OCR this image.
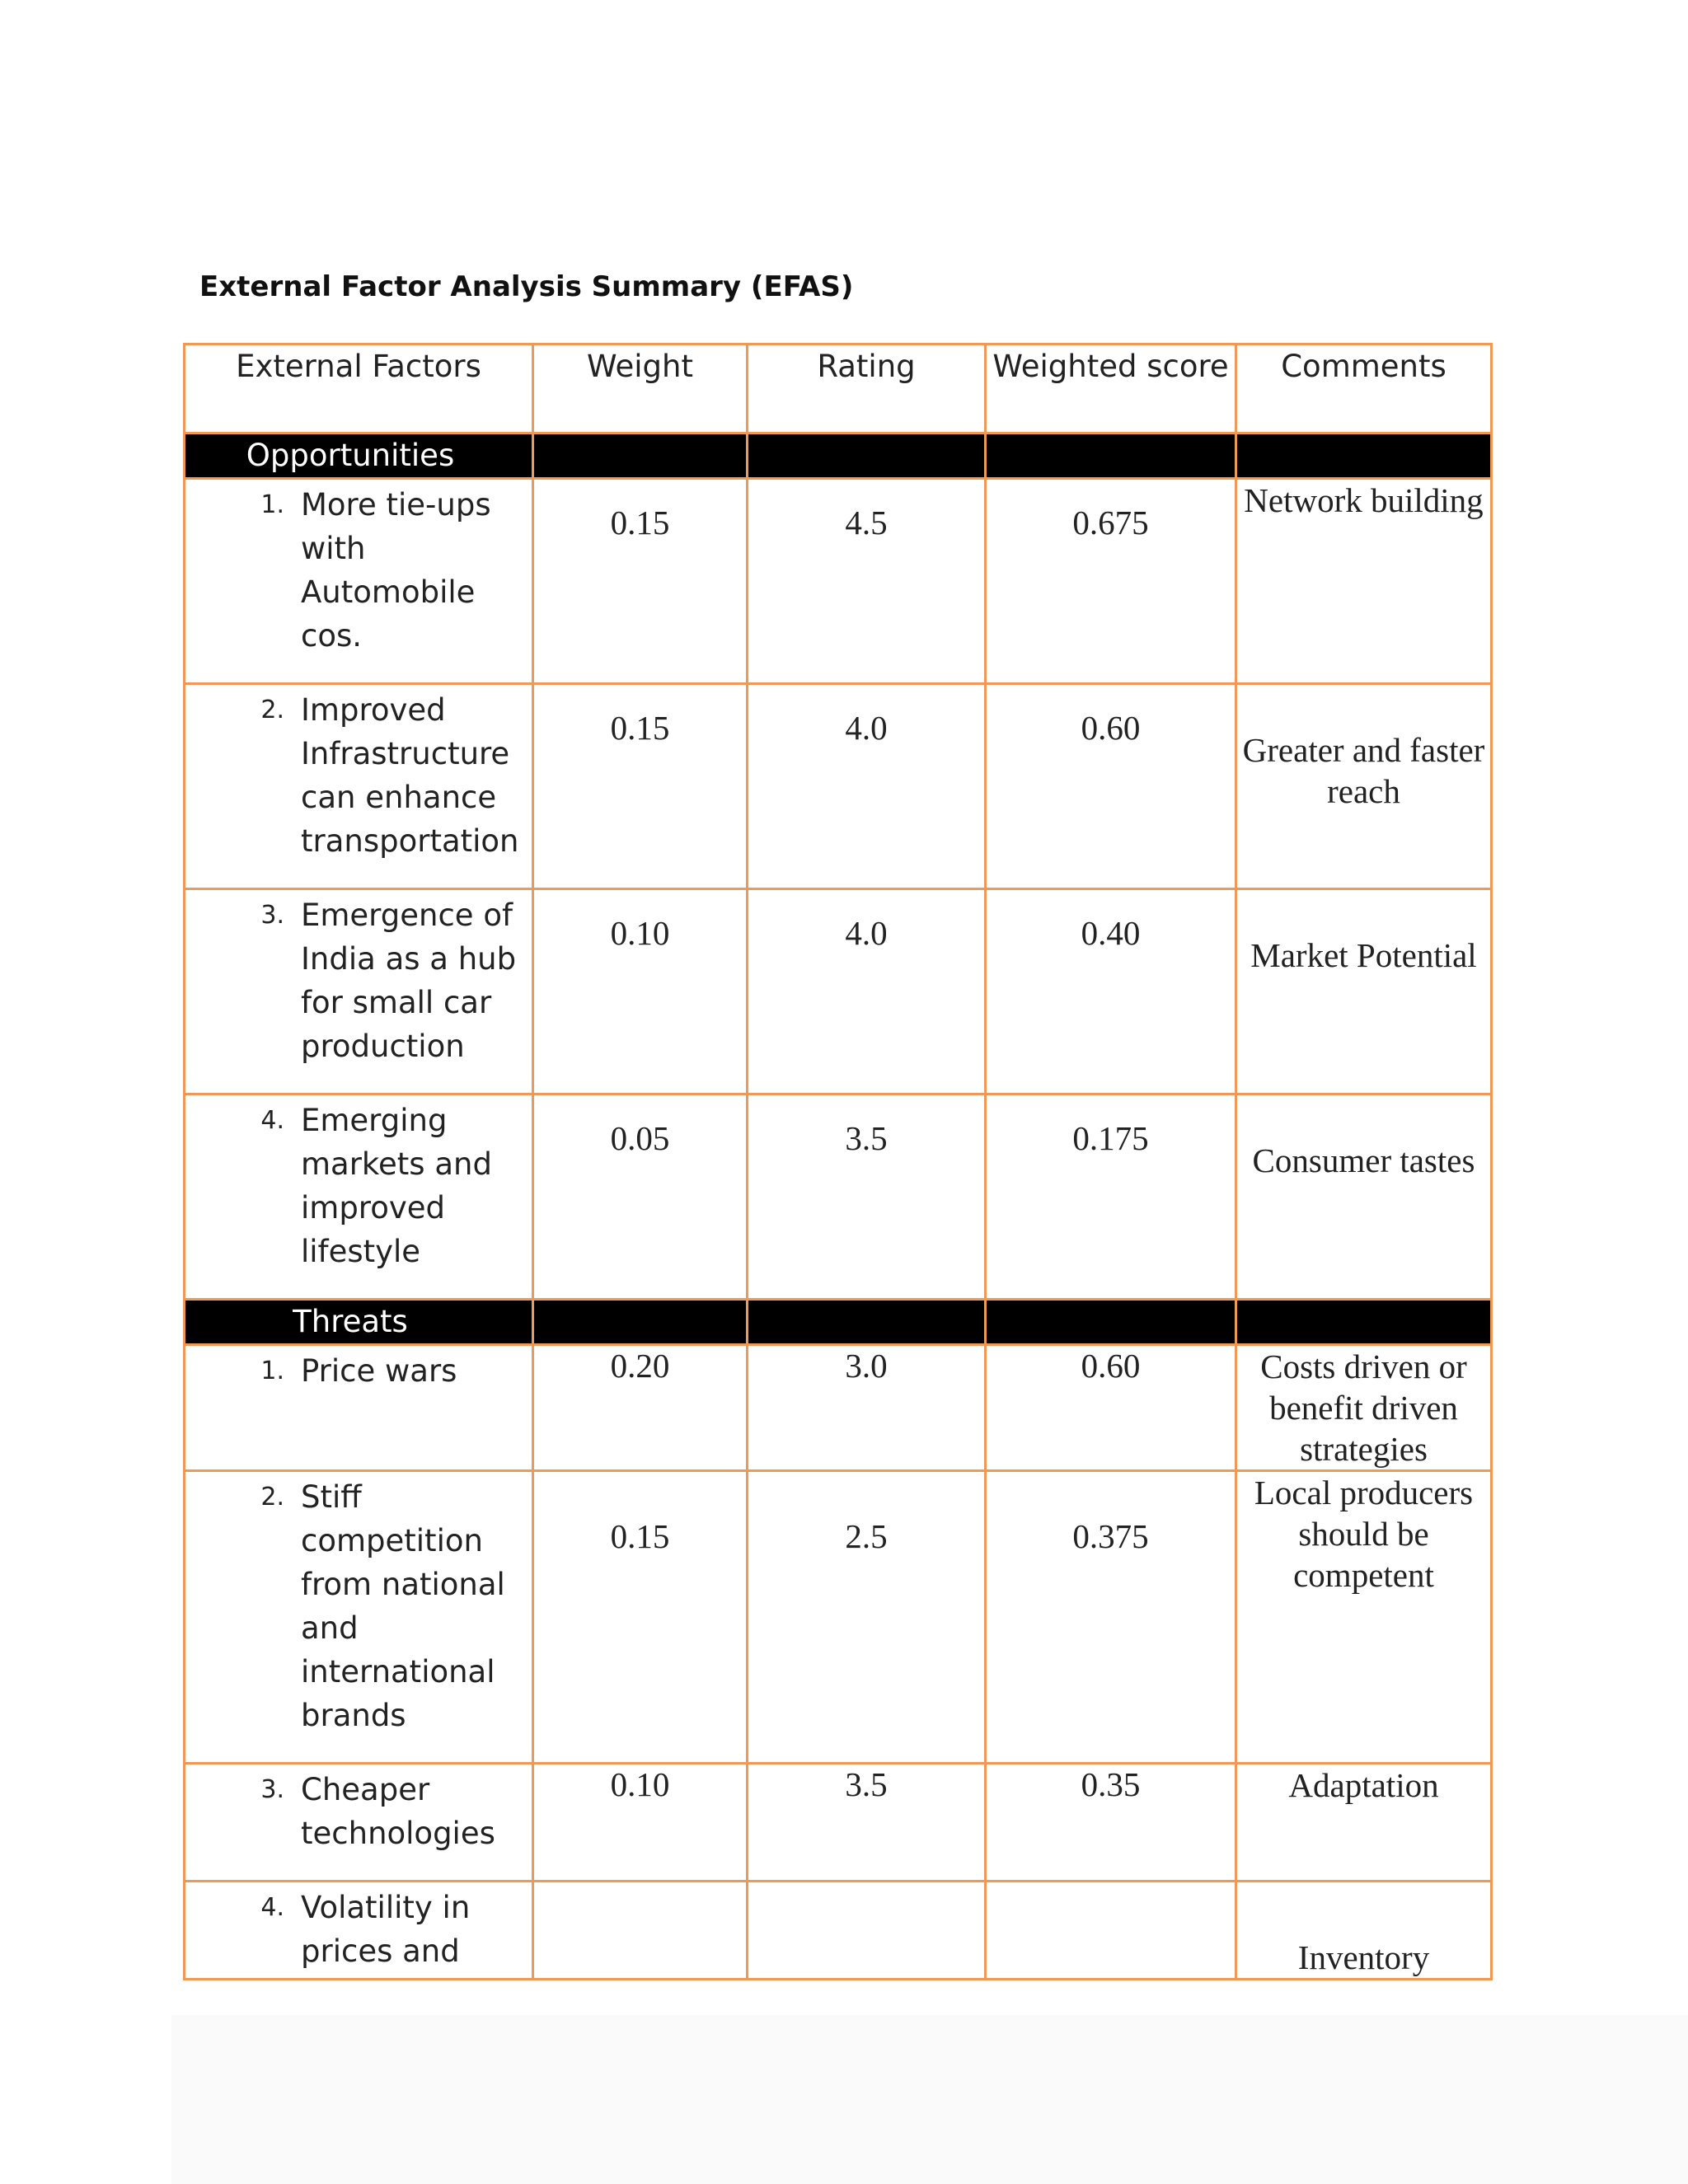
External Factor Analysis Summary (EFAS)
External Factors	Weight	Rating	Weighted score	Comments
Opportunities				

1. More tie-ups with Automobile cos.	0.15	4.5	0.675	Network building

2. Improved Infrastructure can enhance transportation	0.15	4.0	0.60	Greater and faster reach

3. Emergence of India as a hub for small car production	0.10	4.0	0.40	Market Potential

4. Emerging markets and improved lifestyle	0.05	3.5	0.175	Consumer tastes
Threats				

1. Price wars	0.20	3.0	0.60	Costs driven or benefit driven strategies

2. Stiff competition from national and international brands	0.15	2.5	0.375	Local producers should be competent

3. Cheaper technologies	0.10	3.5	0.35	Adaptation

4. Volatility in prices and				Inventory
